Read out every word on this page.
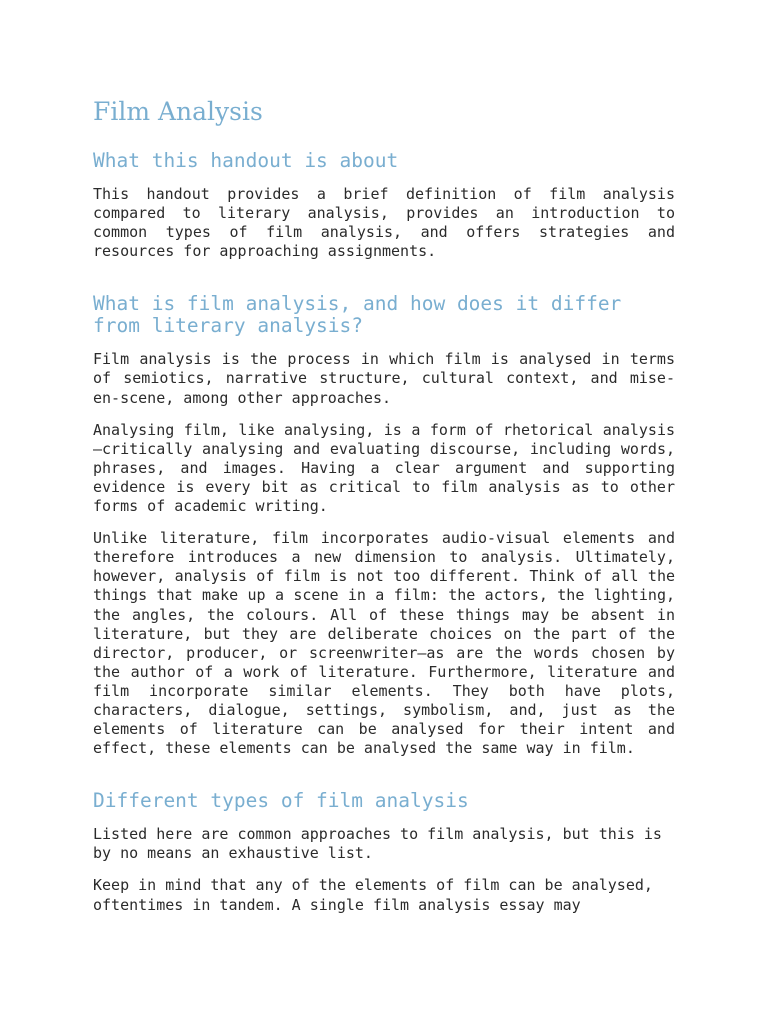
Film Analysis
What this handout is about

This handout provides a brief definition of film analysis compared to literary analysis, provides an introduction to common types of film analysis, and offers strategies and resources for approaching assignments.

What is film analysis, and how does it differ from literary analysis?

Film analysis is the process in which film is analysed in terms of semiotics, narrative structure, cultural context, and mise-en-scene, among other approaches.

Analysing film, like analysing, is a form of rhetorical analysis—critically analysing and evaluating discourse, including words, phrases, and images. Having a clear argument and supporting evidence is every bit as critical to film analysis as to other forms of academic writing.

Unlike literature, film incorporates audio-visual elements and therefore introduces a new dimension to analysis. Ultimately, however, analysis of film is not too different. Think of all the things that make up a scene in a film: the actors, the lighting, the angles, the colours. All of these things may be absent in literature, but they are deliberate choices on the part of the director, producer, or screenwriter—as are the words chosen by the author of a work of literature. Furthermore, literature and film incorporate similar elements. They both have plots, characters, dialogue, settings, symbolism, and, just as the elements of literature can be analysed for their intent and effect, these elements can be analysed the same way in film.

Different types of film analysis

Listed here are common approaches to film analysis, but this is by no means an exhaustive list.

Keep in mind that any of the elements of film can be analysed, oftentimes in tandem. A single film analysis essay may
